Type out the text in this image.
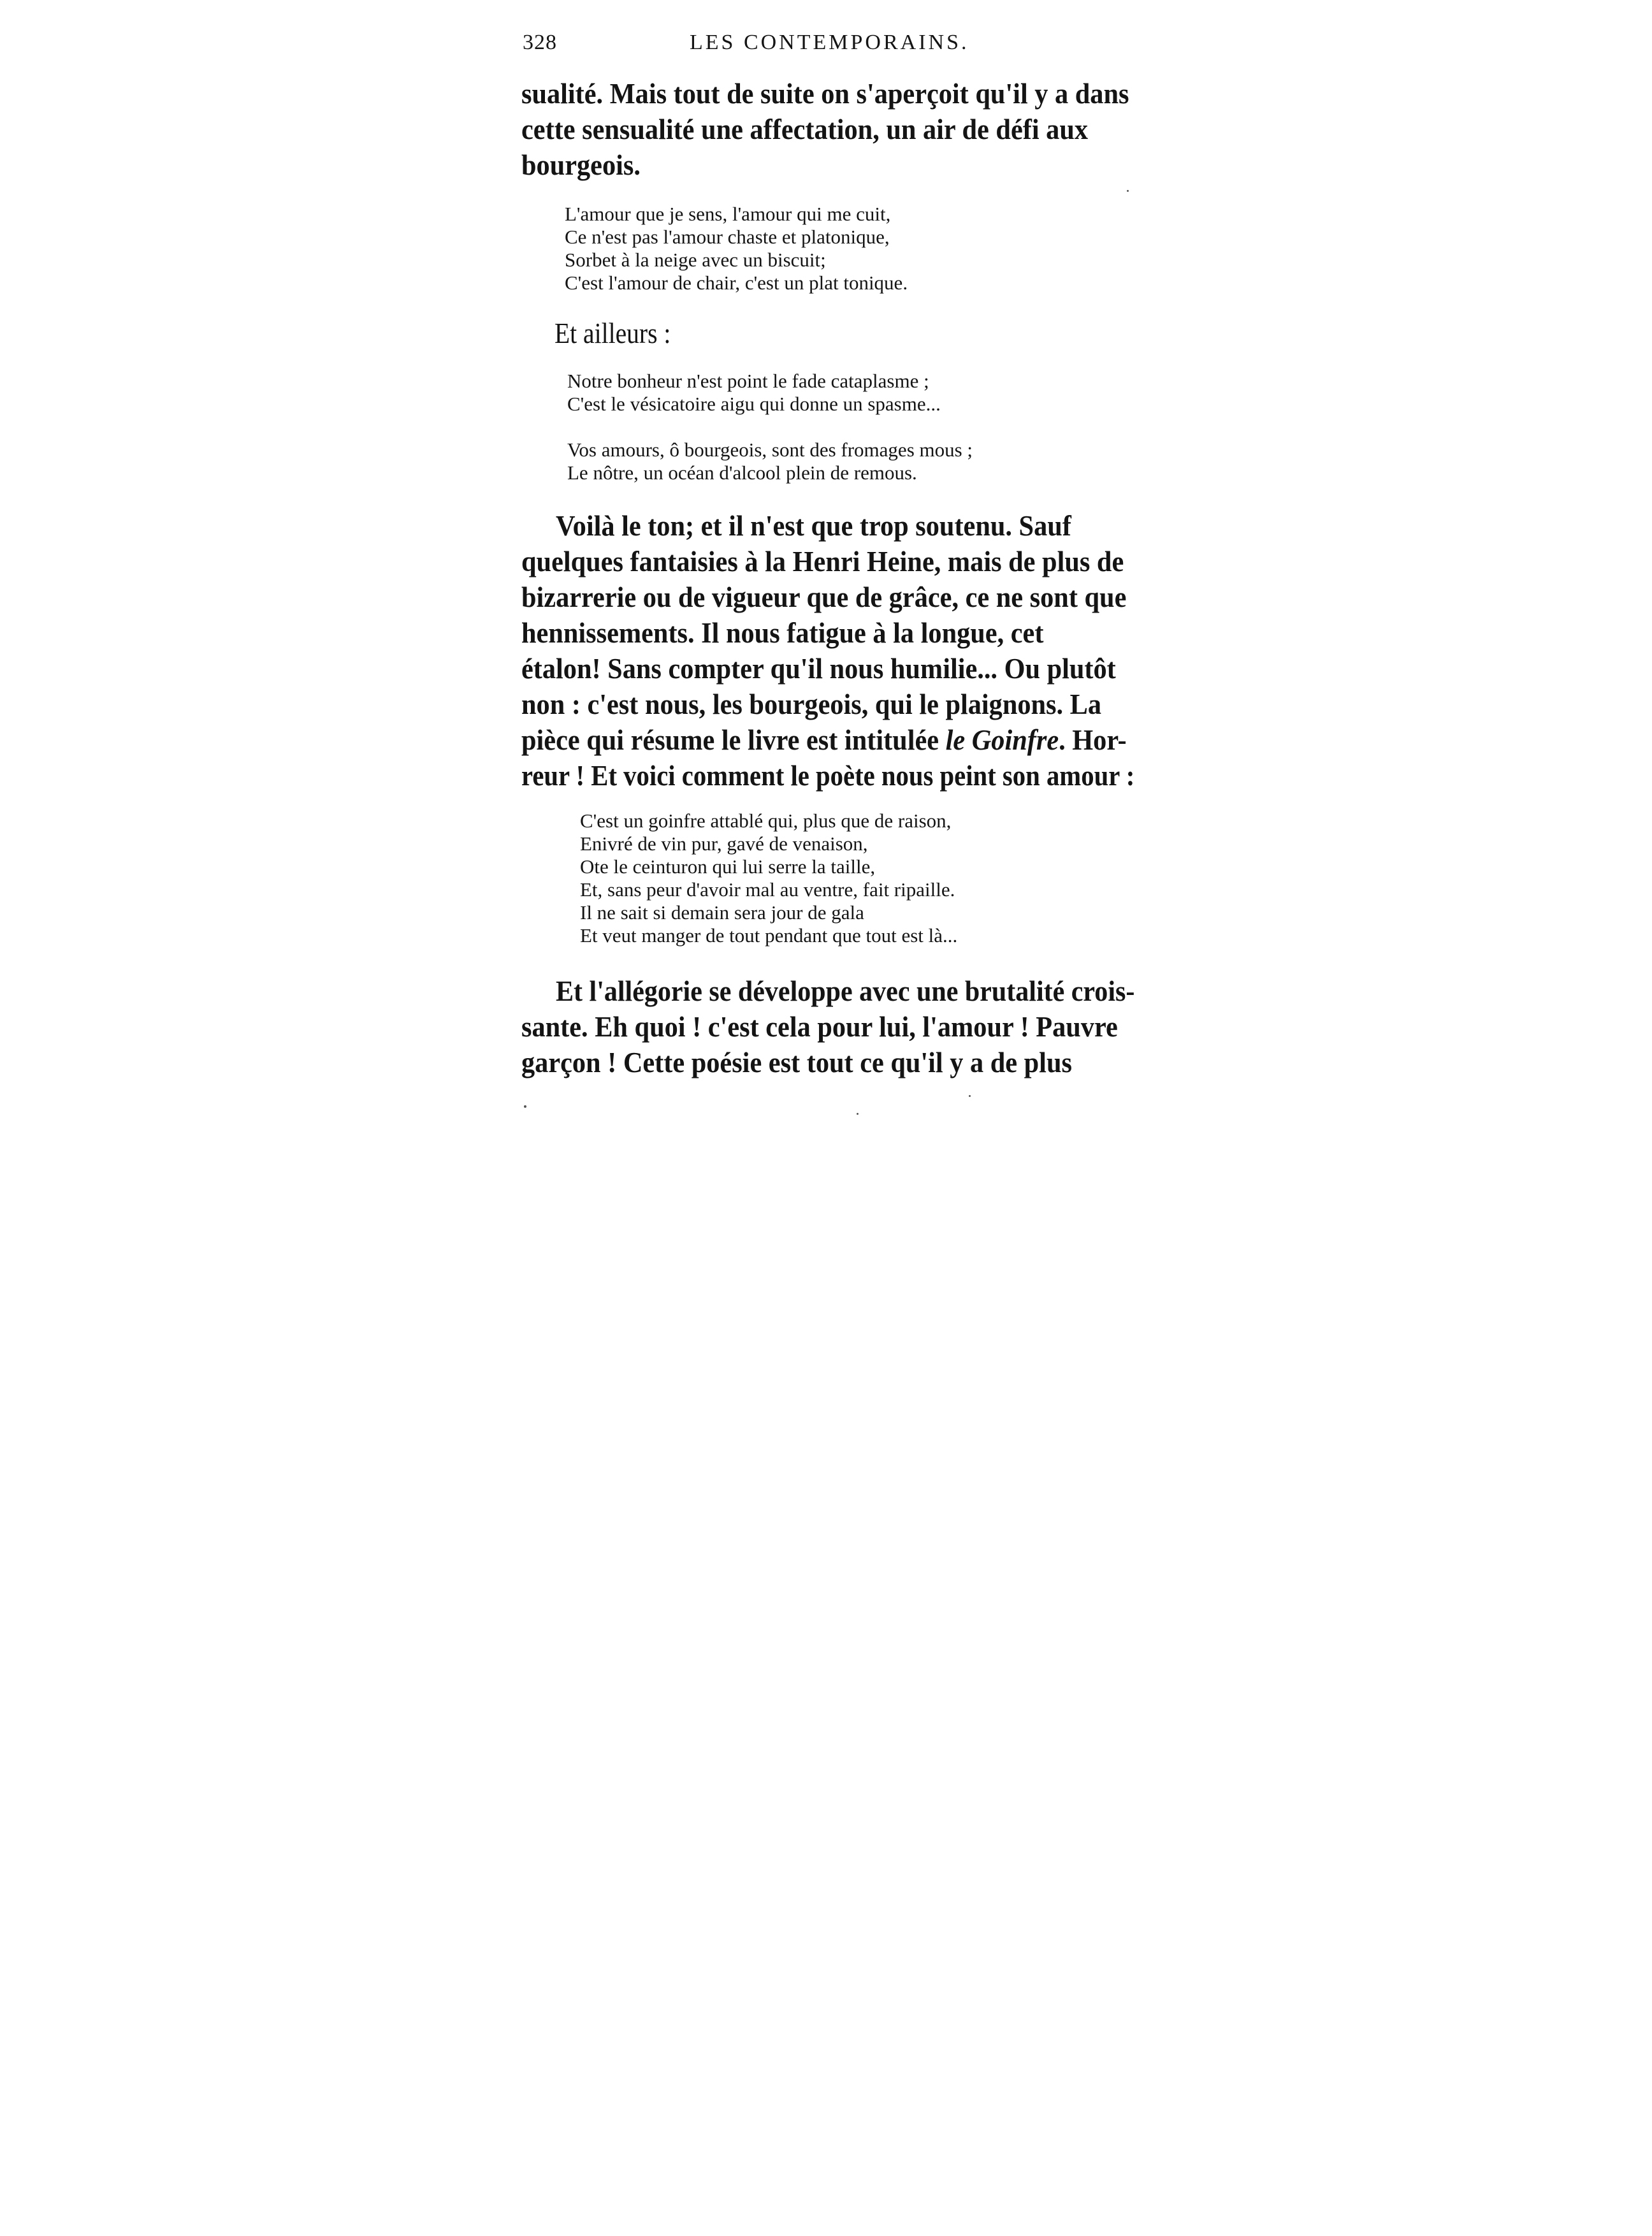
328	LES CONTEMPORAINS.
sualité. Mais tout de suite on s'aperçoit qu'il y a dans
cette sensualité une affectation, un air de défi aux
bourgeois.
L'amour que je sens, l'amour qui me cuit,
Ce n'est pas l'amour chaste et platonique,
Sorbet à la neige avec un biscuit;
C'est l'amour de chair, c'est un plat tonique.
Et ailleurs :
Notre bonheur n'est point le fade cataplasme ;
C'est le vésicatoire aigu qui donne un spasme...
Vos amours, ô bourgeois, sont des fromages mous ;
Le nôtre, un océan d'alcool plein de remous.
Voilà le ton; et il n'est que trop soutenu. Sauf
quelques fantaisies à la Henri Heine, mais de plus de
bizarrerie ou de vigueur que de grâce, ce ne sont que
hennissements. Il nous fatigue à la longue, cet
étalon! Sans compter qu'il nous humilie... Ou plutôt
non : c'est nous, les bourgeois, qui le plaignons. La
pièce qui résume le livre est intitulée le Goinfre. Hor-
reur ! Et voici comment le poète nous peint son amour :
C'est un goinfre attablé qui, plus que de raison,
Enivré de vin pur, gavé de venaison,
Ote le ceinturon qui lui serre la taille,
Et, sans peur d'avoir mal au ventre, fait ripaille.
Il ne sait si demain sera jour de gala
Et veut manger de tout pendant que tout est là...
Et l'allégorie se développe avec une brutalité crois-
sante. Eh quoi ! c'est cela pour lui, l'amour ! Pauvre
garçon ! Cette poésie est tout ce qu'il y a de plus
